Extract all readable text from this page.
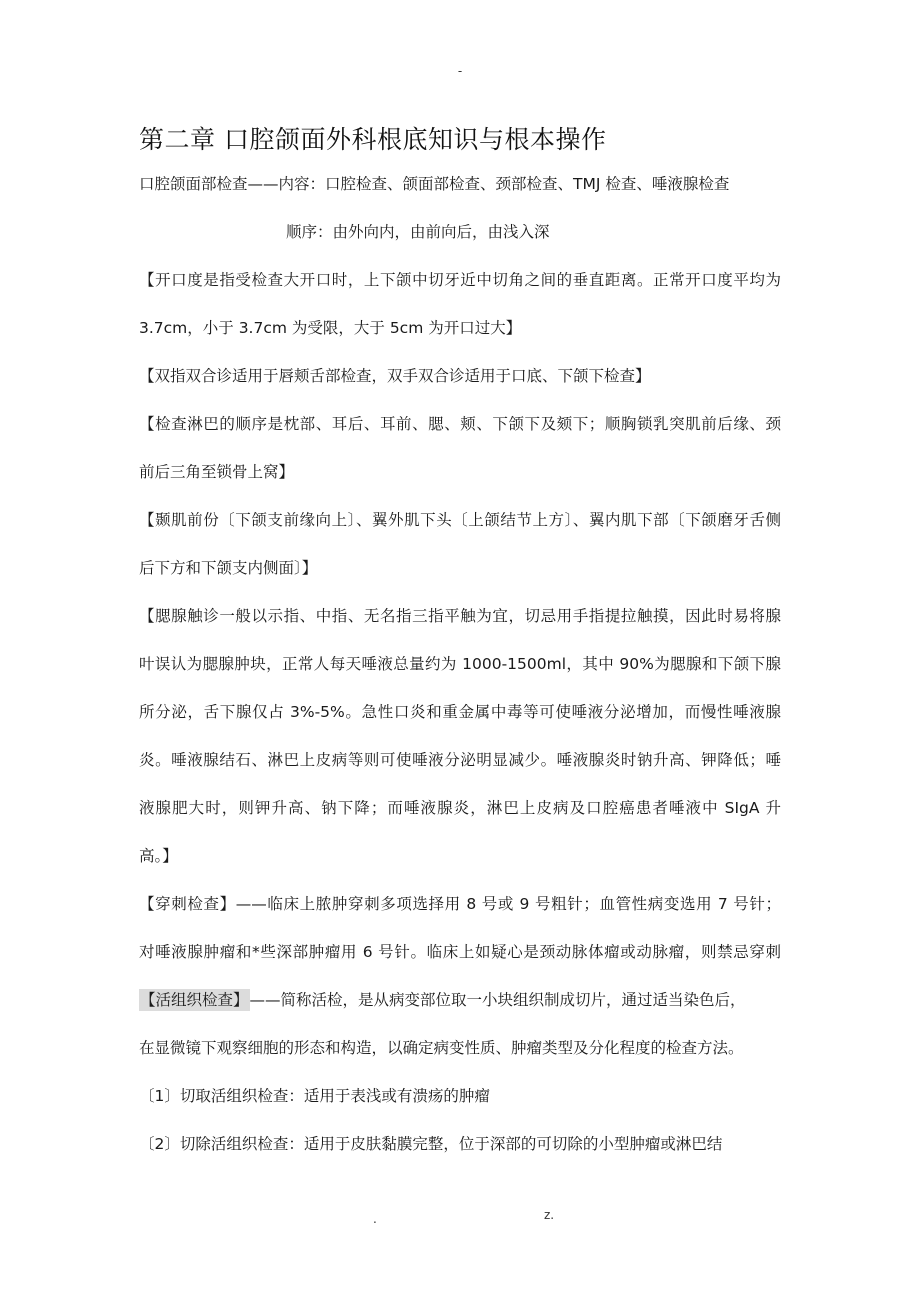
-
第二章 口腔颌面外科根底知识与根本操作

口腔颌面部检查——内容：口腔检查、颌面部检查、颈部检查、TMJ 检查、唾液腺检查

顺序：由外向内，由前向后，由浅入深

【开口度是指受检查大开口时，上下颌中切牙近中切角之间的垂直距离。正常开口度平均为
3.7cm，小于 3.7cm 为受限，大于 5cm 为开口过大】

【双指双合诊适用于唇颊舌部检查，双手双合诊适用于口底、下颌下检查】

【检查淋巴的顺序是枕部、耳后、耳前、腮、颊、下颌下及颏下；顺胸锁乳突肌前后缘、颈
前后三角至锁骨上窝】
【颞肌前份〔下颌支前缘向上〕、翼外肌下头〔上颌结节上方〕、翼内肌下部〔下颌磨牙舌侧
后下方和下颌支内侧面〕】
【腮腺触诊一般以示指、中指、无名指三指平触为宜，切忌用手指提拉触摸，因此时易将腺
叶误认为腮腺肿块，正常人每天唾液总量约为 1000-1500ml，其中 90%为腮腺和下颌下腺
所分泌，舌下腺仅占 3%-5%。急性口炎和重金属中毒等可使唾液分泌增加，而慢性唾液腺
炎。唾液腺结石、淋巴上皮病等则可使唾液分泌明显减少。唾液腺炎时钠升高、钾降低；唾
液腺肥大时，则钾升高、钠下降；而唾液腺炎，淋巴上皮病及口腔癌患者唾液中 SIgA 升
高。】
【穿刺检查】——临床上脓肿穿刺多项选择用 8 号或 9 号粗针；血管性病变选用 7 号针；
对唾液腺肿瘤和*些深部肿瘤用 6 号针。临床上如疑心是颈动脉体瘤或动脉瘤，则禁忌穿刺
【活组织检查】——简称活检，是从病变部位取一小块组织制成切片，通过适当染色后，
在显微镜下观察细胞的形态和构造，以确定病变性质、肿瘤类型及分化程度的检查方法。

〔1〕切取活组织检查：适用于表浅或有溃疡的肿瘤

〔2〕切除活组织检查：适用于皮肤黏膜完整，位于深部的可切除的小型肿瘤或淋巴结

.	z.
